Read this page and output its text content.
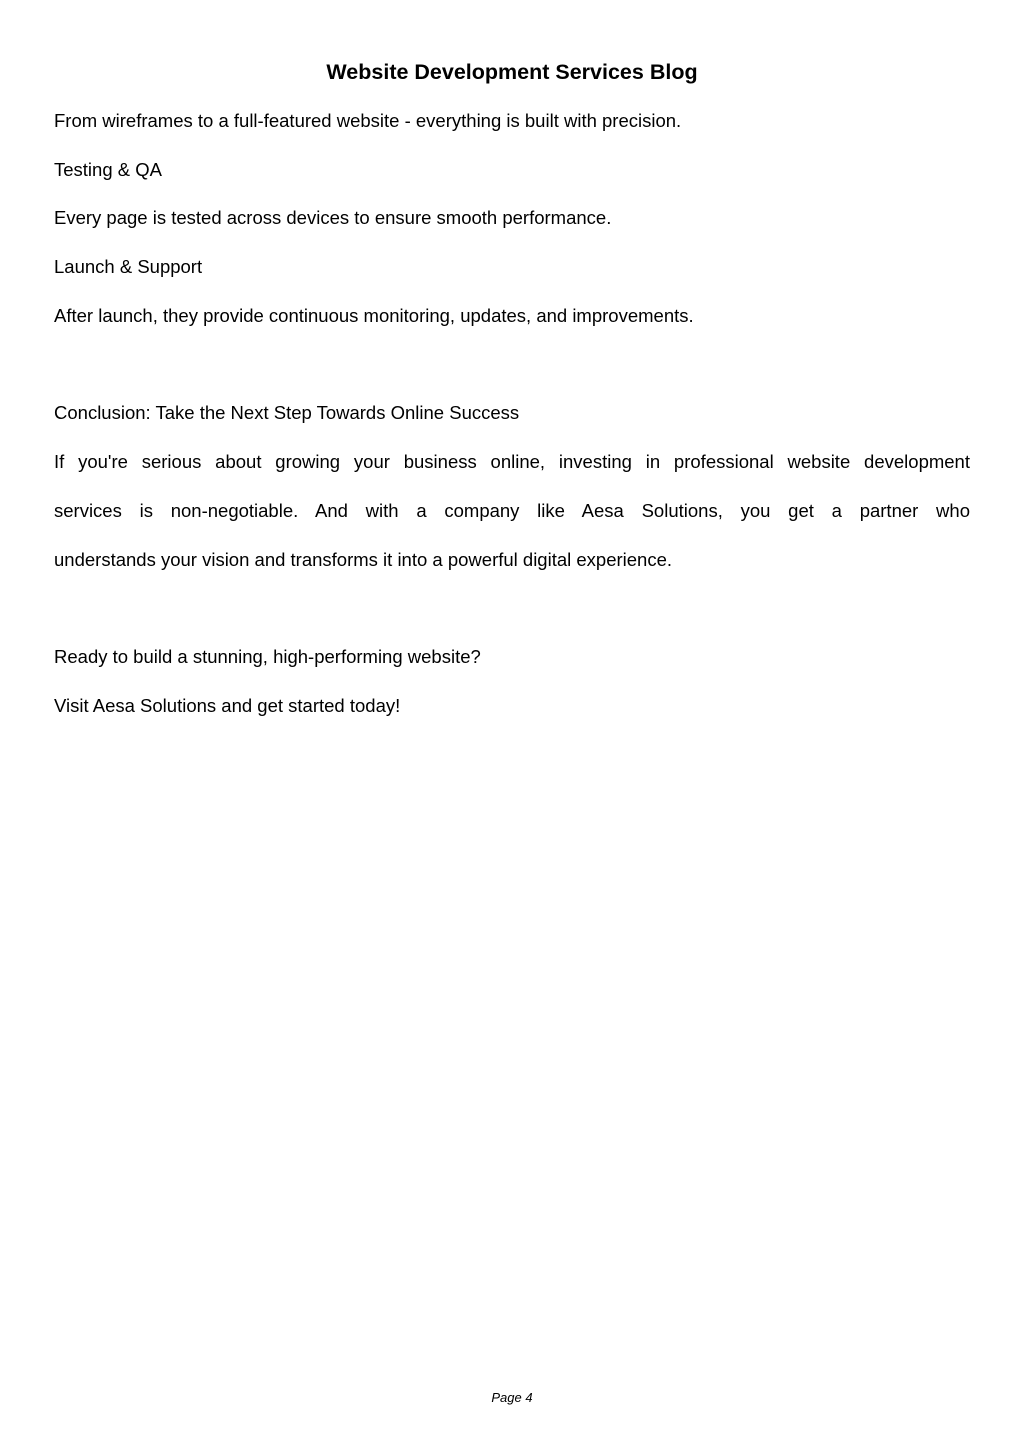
Website Development Services Blog
From wireframes to a full-featured website - everything is built with precision.
Testing & QA
Every page is tested across devices to ensure smooth performance.
Launch & Support
After launch, they provide continuous monitoring, updates, and improvements.
Conclusion: Take the Next Step Towards Online Success
If you're serious about growing your business online, investing in professional website development
services is non-negotiable. And with a company like Aesa Solutions, you get a partner who
understands your vision and transforms it into a powerful digital experience.
Ready to build a stunning, high-performing website?
Visit Aesa Solutions and get started today!
Page 4
